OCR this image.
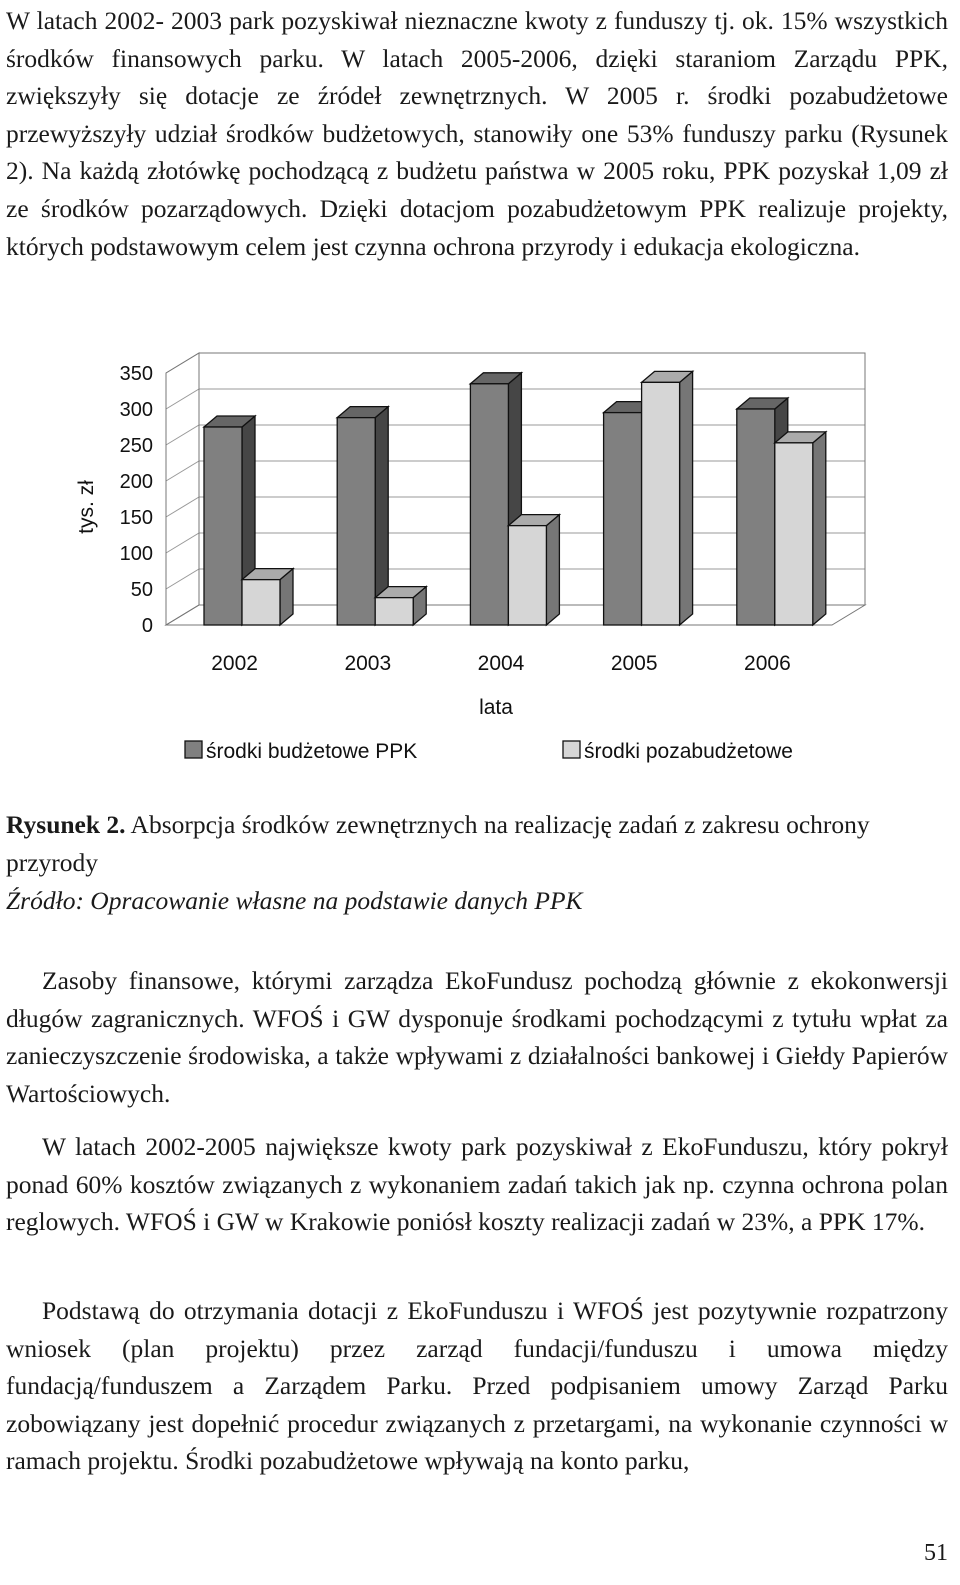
W latach 2002- 2003 park pozyskiwał nieznaczne kwoty z funduszy tj. ok. 15% wszystkich środków finansowych parku. W latach 2005-2006, dzięki staraniom Zarządu PPK, zwiększyły się dotacje ze źródeł zewnętrznych. W 2005 r. środki pozabudżetowe przewyższyły udział środków budżetowych, stanowiły one 53% funduszy parku (Rysunek 2). Na każdą złotówkę pochodzącą z budżetu państwa w 2005 roku, PPK pozyskał 1,09 zł ze środków pozarządowych. Dzięki dotacjom pozabudżetowym PPK realizuje projekty, których podstawowym celem jest czynna ochrona przyrody i edukacja ekologiczna.

0
50
100
150
200
250
300
350
2002	2003	2004	2005	2006
tys. zł
lata
środki budżetowe PPK	środki pozabudżetowe

Rysunek 2. Absorpcja środków zewnętrznych na realizację zadań z zakresu ochrony przyrody

Źródło: Opracowanie własne na podstawie danych PPK

Zasoby finansowe, którymi zarządza EkoFundusz pochodzą głównie z ekokonwersji długów zagranicznych. WFOŚ i GW dysponuje środkami pochodzącymi z tytułu wpłat za zanieczyszczenie środowiska, a także wpływami z działalności bankowej i Giełdy Papierów Wartościowych.

W latach 2002-2005 największe kwoty park pozyskiwał z EkoFunduszu, który pokrył ponad 60% kosztów związanych z wykonaniem zadań takich jak np. czynna ochrona polan reglowych. WFOŚ i GW w Krakowie poniósł koszty realizacji zadań w 23%, a PPK 17%.

Podstawą do otrzymania dotacji z EkoFunduszu i WFOŚ jest pozytywnie rozpatrzony wniosek (plan projektu) przez zarząd fundacji/funduszu i umowa między fundacją/funduszem a Zarządem Parku. Przed podpisaniem umowy Zarząd Parku zobowiązany jest dopełnić procedur związanych z przetargami, na wykonanie czynności w ramach projektu. Środki pozabudżetowe wpływają na konto parku,

51
